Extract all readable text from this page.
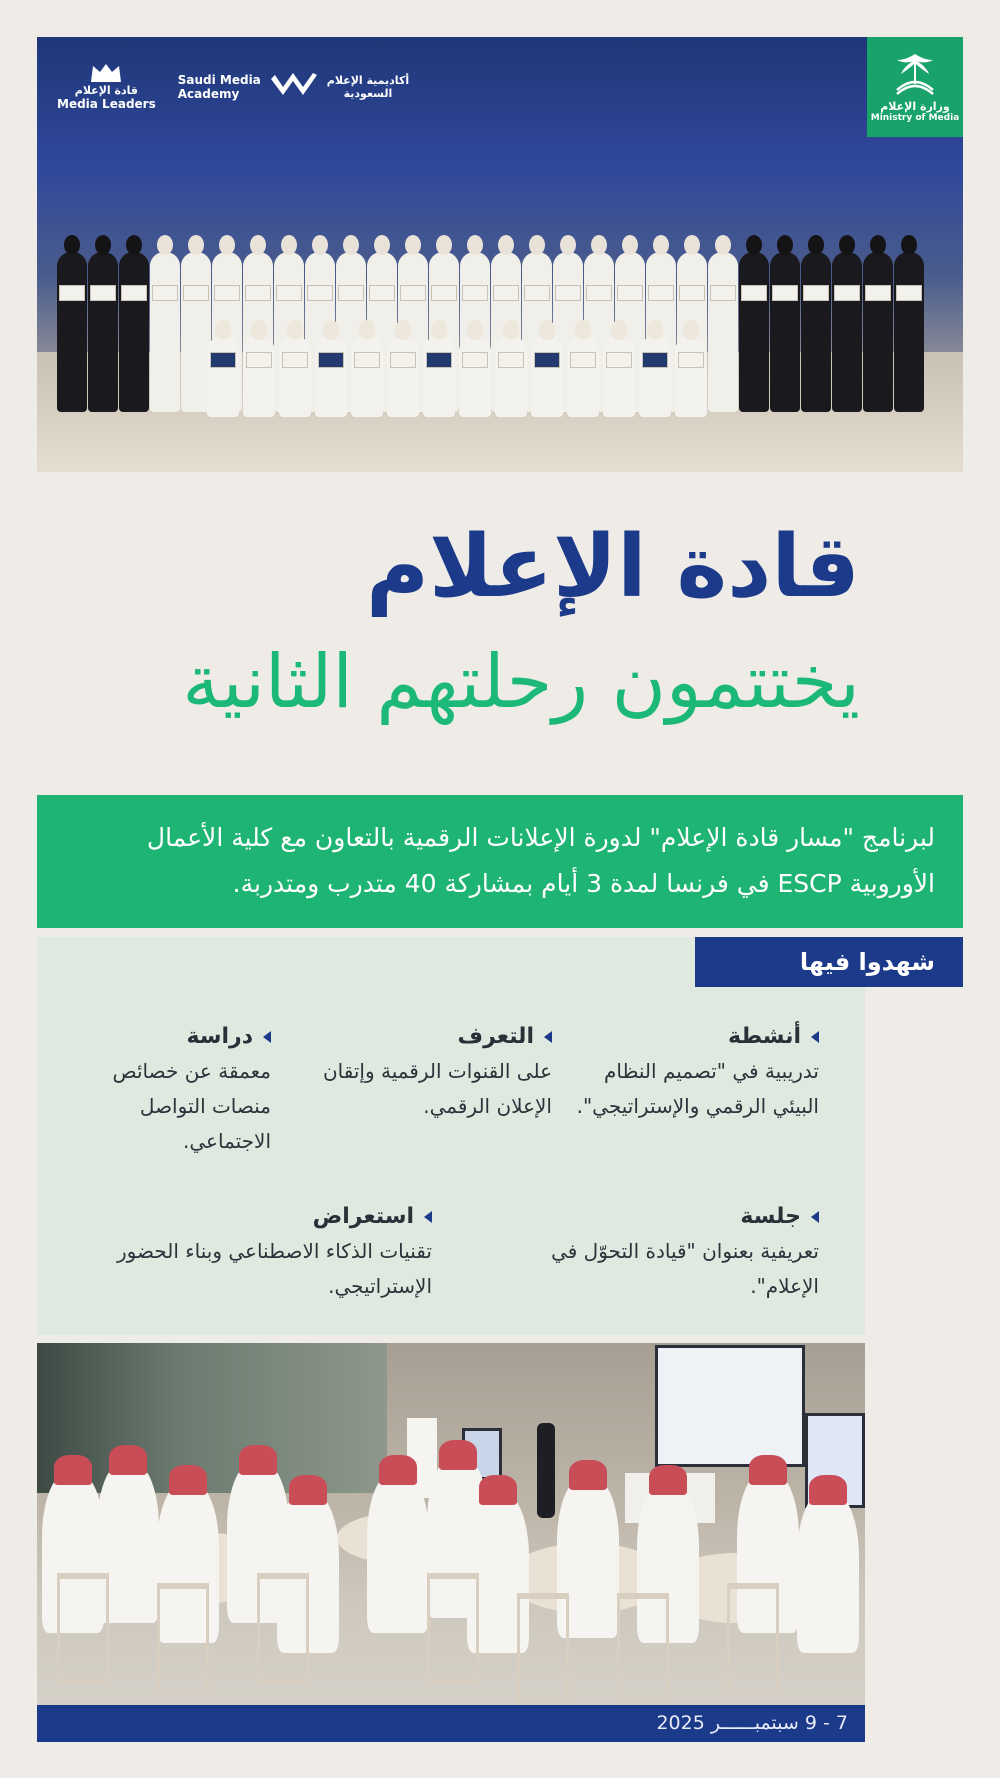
قادة الإعلام
Media Leaders
أكاديمية الإعلام
السعودية
Saudi Media
Academy
وزارة الإعلام
Ministry of Media
قادة الإعلام
يختتمون رحلتهم الثانية

لبرنامج "مسار قادة الإعلام" لدورة الإعلانات الرقمية بالتعاون مع كلية الأعمال الأوروبية ESCP في فرنسا لمدة 3 أيام بمشاركة 40 متدرب ومتدربة.

شهدوا فيها
أنشطة
تدريبية في "تصميم النظام البيئي الرقمي والإستراتيجي".
التعرف
على القنوات الرقمية وإتقان الإعلان الرقمي.
دراسة
معمقة عن خصائص منصات التواصل الاجتماعي.
جلسة
تعريفية بعنوان "قيادة التحوّل في الإعلام".
استعراض
تقنيات الذكاء الاصطناعي وبناء الحضور الإستراتيجي.
7 - 9 سبتمبــــــر 2025
